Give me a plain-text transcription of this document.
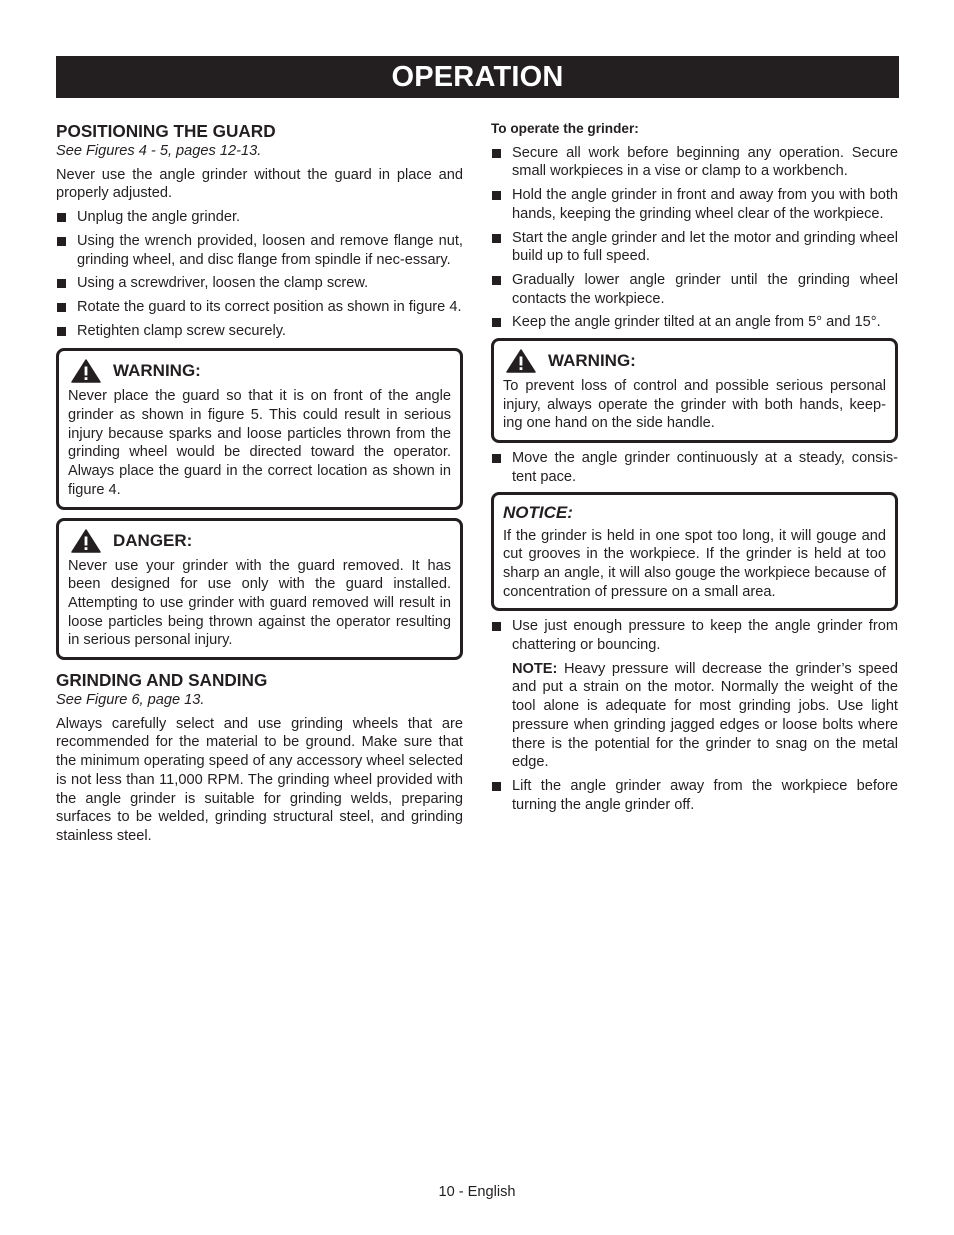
OPERATION
POSITIONING THE GUARD

See Figures 4 - 5, pages 12-13.

Never use the angle grinder without the guard in place and properly adjusted.

Unplug the angle grinder.
Using the wrench provided, loosen and remove flange nut, grinding wheel, and disc flange from spindle if nec-essary.
Using a screwdriver, loosen the clamp screw.
Rotate the guard to its correct position as shown in figure 4.
Retighten clamp screw securely.
WARNING:

Never place the guard so that it is on front of the angle grinder as shown in figure 5. This could result in serious injury because sparks and loose particles thrown from the grinding wheel would be directed toward the operator. Always place the guard in the correct location as shown in figure 4.

DANGER:

Never use your grinder with the guard removed. It has been designed for use only with the guard installed. Attempting to use grinder with guard removed will result in loose particles being thrown against the operator resulting in serious personal injury.

GRINDING AND SANDING

See Figure 6, page 13.

Always carefully select and use grinding wheels that are recommended for the material to be ground. Make sure that the minimum operating speed of any accessory wheel selected is not less than 11,000 RPM. The grinding wheel provided with the angle grinder is suitable for grinding welds, preparing surfaces to be welded, grinding structural steel, and grinding stainless steel.

To operate the grinder:

Secure all work before beginning any operation. Secure small workpieces in a vise or clamp to a workbench.
Hold the angle grinder in front and away from you with both hands, keeping the grinding wheel clear of the workpiece.
Start the angle grinder and let the motor and grinding wheel build up to full speed.
Gradually lower angle grinder until the grinding wheel contacts the workpiece.
Keep the angle grinder tilted at an angle from 5° and 15°.
WARNING:

To prevent loss of control and possible serious personal injury, always operate the grinder with both hands, keep-ing one hand on the side handle.

Move the angle grinder continuously at a steady, consis-tent pace.
NOTICE:

If the grinder is held in one spot too long, it will gouge and cut grooves in the workpiece. If the grinder is held at too sharp an angle, it will also gouge the workpiece because of concentration of pressure on a small area.

Use just enough pressure to keep the angle grinder from chattering or bouncing.

NOTE: Heavy pressure will decrease the grinder’s speed and put a strain on the motor. Normally the weight of the tool alone is adequate for most grinding jobs. Use light pressure when grinding jagged edges or loose bolts where there is the potential for the grinder to snag on the metal edge.

Lift the angle grinder away from the workpiece before turning the angle grinder off.
10 - English
